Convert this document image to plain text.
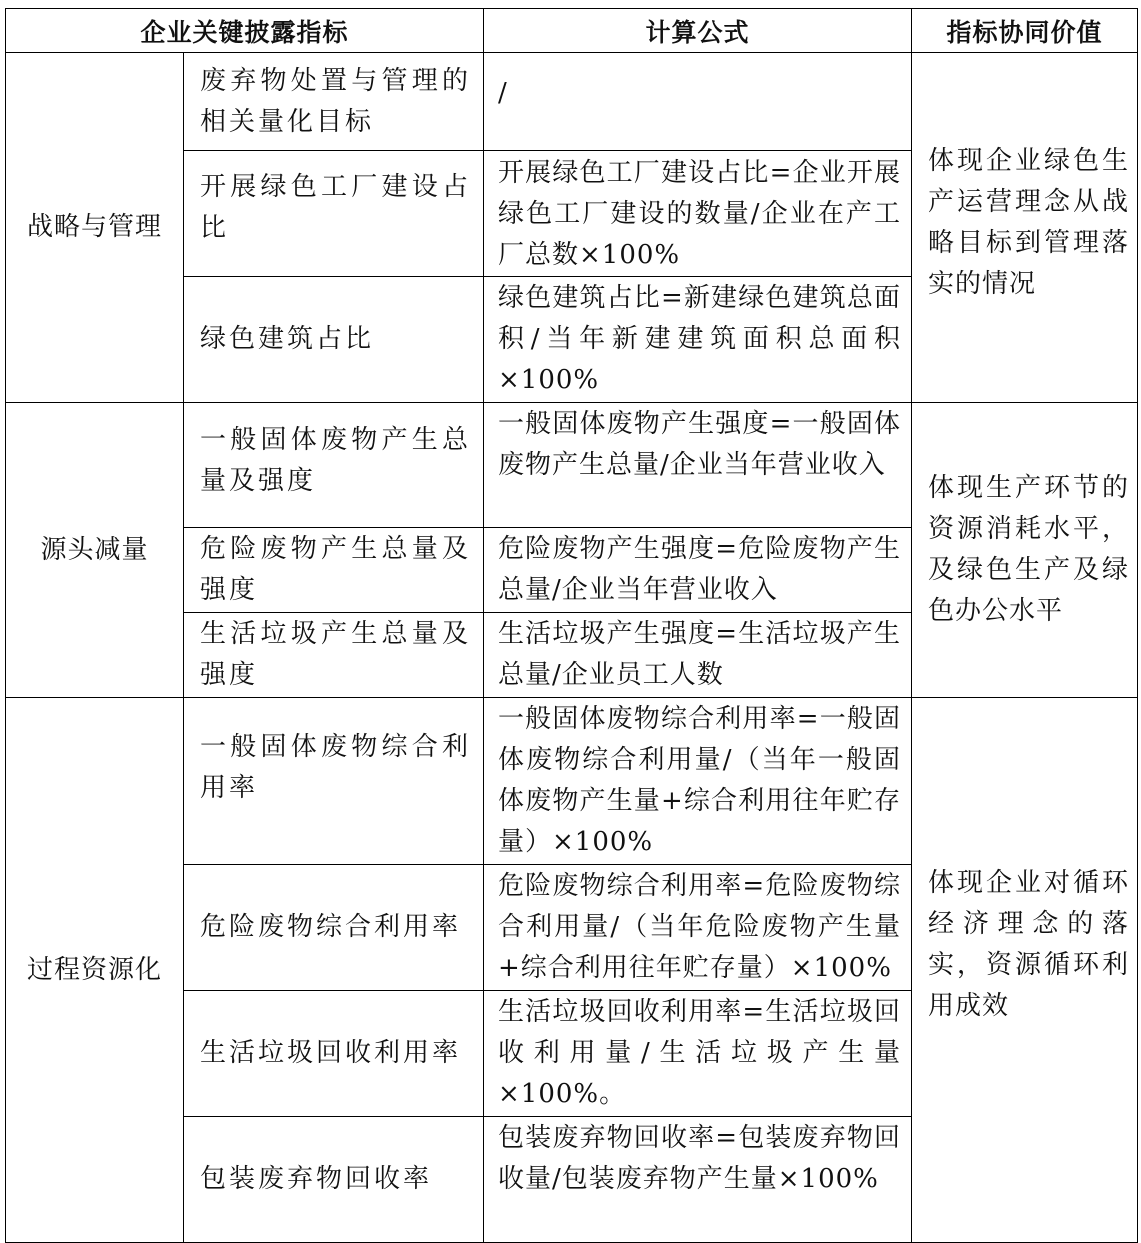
企业关键披露指标		计算公式	指标协同价值
战略与管理	废弃物处置与管理的相关量化目标	/	体现企业绿色生产运营理念从战略目标到管理落实的情况

	开展绿色工厂建设占比	开展绿色工厂建设占比=企业开展绿色工厂建设的数量/企业在产工厂总数×100%	
	绿色建筑占比	绿色建筑占比=新建绿色建筑总面积/当年新建建筑面积总面积×100%	
源头减量	一般固体废物产生总量及强度	一般固体废物产生强度=一般固体废物产生总量/企业当年营业收入	体现生产环节的资源消耗水平，及绿色生产及绿色办公水平
	危险废物产生总量及强度	危险废物产生强度=危险废物产生总量/企业当年营业收入	
	生活垃圾产生总量及强度	生活垃圾产生强度=生活垃圾产生总量/企业员工人数	
过程资源化	一般固体废物综合利用率	一般固体废物综合利用率=一般固体废物综合利用量/（当年一般固体废物产生量+综合利用往年贮存量）×100%	体现企业对循环经济理念的落实，资源循环利用成效

	危险废物综合利用率	危险废物综合利用率=危险废物综合利用量/（当年危险废物产生量+综合利用往年贮存量）×100%	
	生活垃圾回收利用率	生活垃圾回收利用率=生活垃圾回收利用量/生活垃圾产生量×100%。	
	包装废弃物回收率	包装废弃物回收率=包装废弃物回收量/包装废弃物产生量×100%	
